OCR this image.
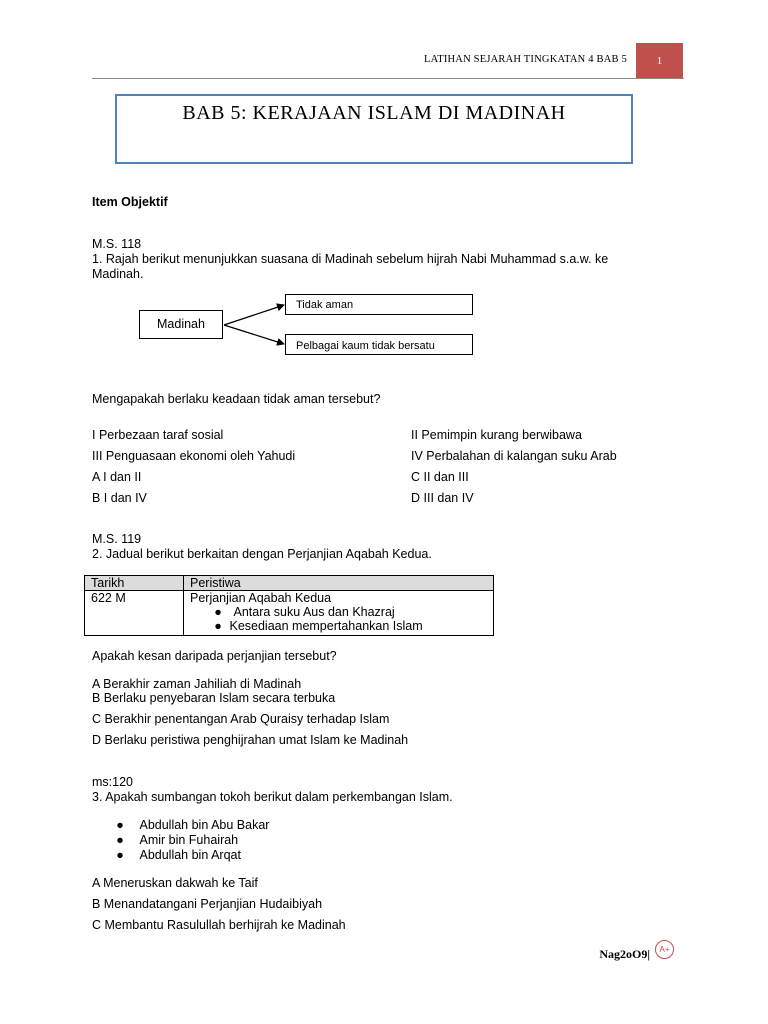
LATIHAN SEJARAH TINGKATAN 4 BAB 5	1
BAB 5: KERAJAAN ISLAM DI MADINAH
Item Objektif
M.S. 118
1. Rajah berikut menunjukkan suasana di Madinah sebelum hijrah Nabi Muhammad s.a.w. ke
Madinah.
Madinah
Tidak aman
Pelbagai kaum tidak bersatu
Mengapakah berlaku keadaan tidak aman tersebut?
I Perbezaan taraf sosial	II Pemimpin kurang berwibawa
III Penguasaan ekonomi oleh Yahudi	IV Perbalahan di kalangan suku Arab
A I dan II	C II dan III
B I dan IV	D III dan IV
M.S. 119
2. Jadual berikut berkaitan dengan Perjanjian Aqabah Kedua.
Tarikh	Peristiwa
622 M	Perjanjian Aqabah Kedua
● Antara suku Aus dan Khazraj
● Kesediaan mempertahankan Islam
Apakah kesan daripada perjanjian tersebut?
A Berakhir zaman Jahiliah di Madinah
B Berlaku penyebaran Islam secara terbuka
C Berakhir penentangan Arab Quraisy terhadap Islam
D Berlaku peristiwa penghijrahan umat Islam ke Madinah
ms:120
3. Apakah sumbangan tokoh berikut dalam perkembangan Islam.
● Abdullah bin Abu Bakar
● Amir bin Fuhairah
● Abdullah bin Arqat
A Meneruskan dakwah ke Taif
B Menandatangani Perjanjian Hudaibiyah
C Membantu Rasulullah berhijrah ke Madinah
Nag2oO9| A+
